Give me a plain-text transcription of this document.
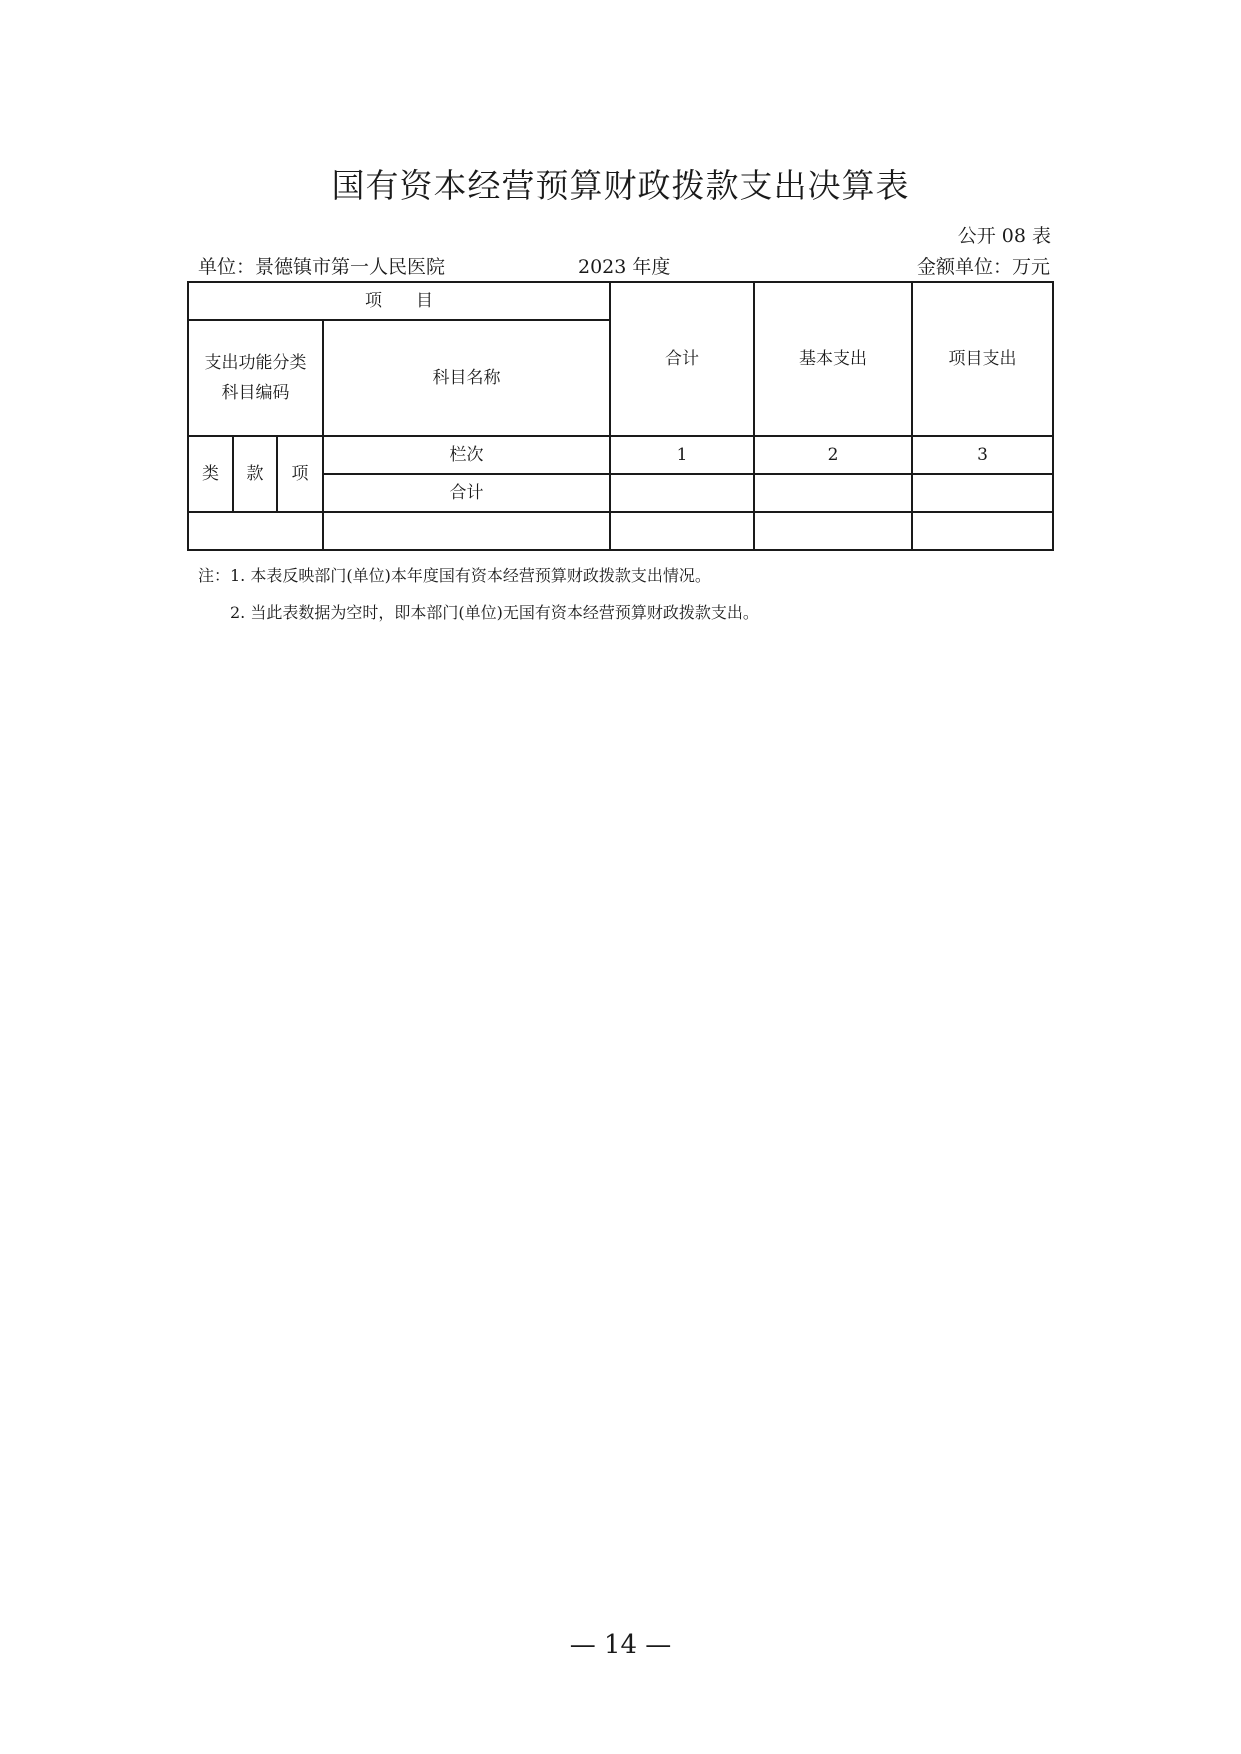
国有资本经营预算财政拨款支出决算表
公开 08 表
单位：景德镇市第一人民医院	2023 年度	金额单位：万元
项　　目				合计	基本支出	项目支出

支出功能分类
科目编码			科目名称			
类	款	项	栏次	1	2	3
			合计			

注：1. 本表反映部门(单位)本年度国有资本经营预算财政拨款支出情况。
2. 当此表数据为空时，即本部门(单位)无国有资本经营预算财政拨款支出。
— 14 —
